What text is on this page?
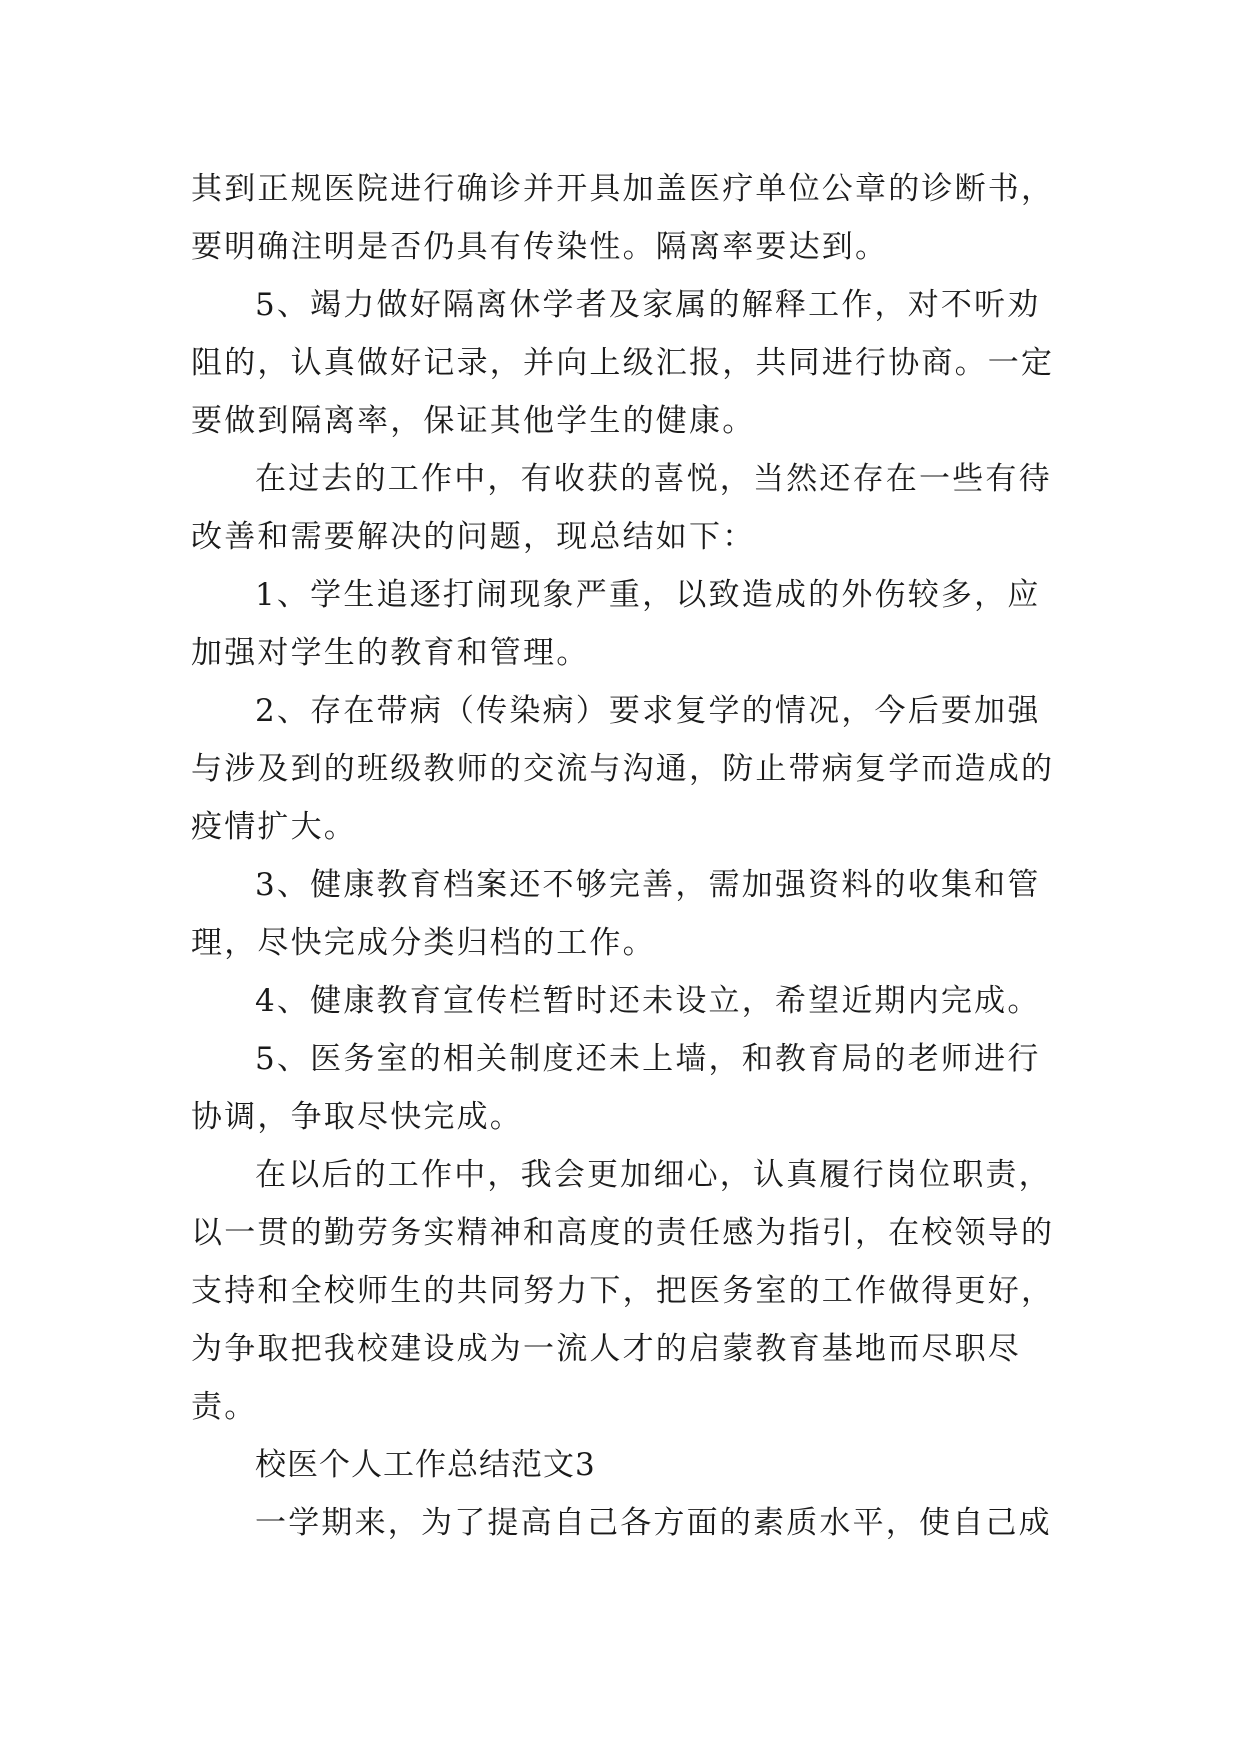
其到正规医院进行确诊并开具加盖医疗单位公章的诊断书，
要明确注明是否仍具有传染性。隔离率要达到。
5、竭力做好隔离休学者及家属的解释工作，对不听劝
阻的，认真做好记录，并向上级汇报，共同进行协商。一定
要做到隔离率，保证其他学生的健康。
在过去的工作中，有收获的喜悦，当然还存在一些有待
改善和需要解决的问题，现总结如下：
1、学生追逐打闹现象严重，以致造成的外伤较多，应
加强对学生的教育和管理。
2、存在带病（传染病）要求复学的情况，今后要加强
与涉及到的班级教师的交流与沟通，防止带病复学而造成的
疫情扩大。
3、健康教育档案还不够完善，需加强资料的收集和管
理，尽快完成分类归档的工作。
4、健康教育宣传栏暂时还未设立，希望近期内完成。
5、医务室的相关制度还未上墙，和教育局的老师进行
协调，争取尽快完成。
在以后的工作中，我会更加细心，认真履行岗位职责，
以一贯的勤劳务实精神和高度的责任感为指引，在校领导的
支持和全校师生的共同努力下，把医务室的工作做得更好，
为争取把我校建设成为一流人才的启蒙教育基地而尽职尽
责。
校医个人工作总结范文3
一学期来，为了提高自己各方面的素质水平，使自己成
